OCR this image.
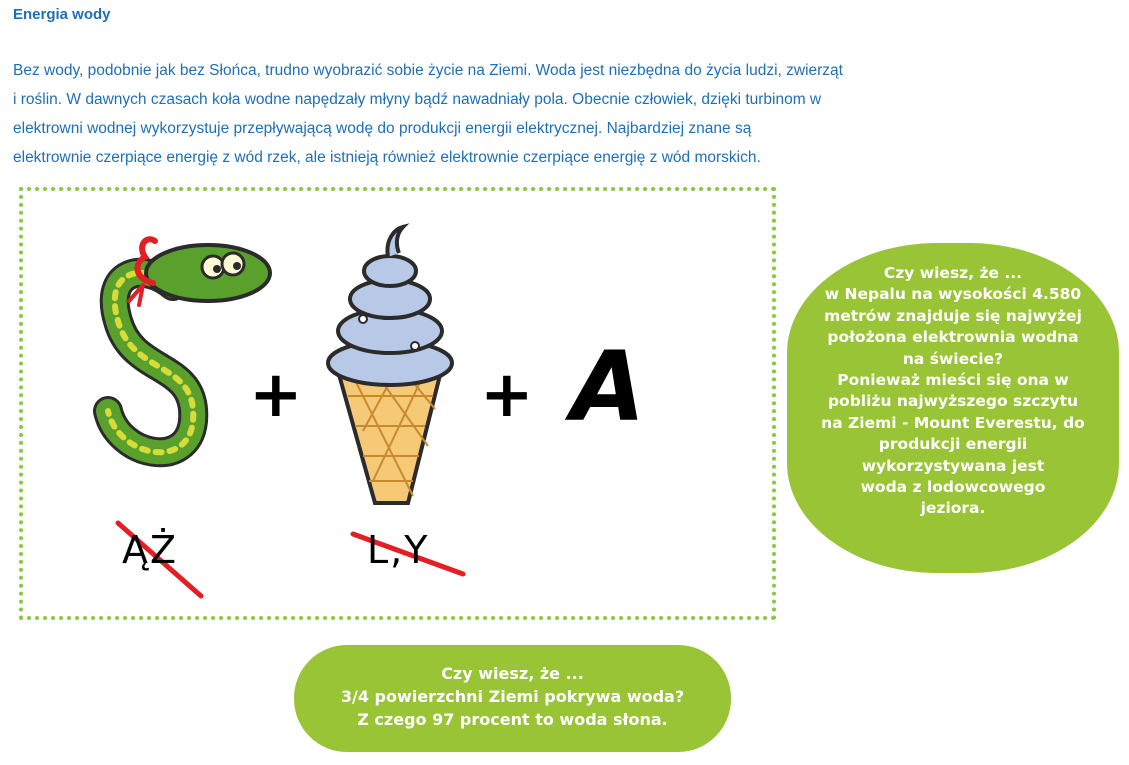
Energia wody

Bez wody, podobnie jak bez Słońca, trudno wyobrazić sobie życie na Ziemi. Woda jest niezbędna do życia ludzi, zwierząt
i roślin. W dawnych czasach koła wodne napędzały młyny bądź nawadniały pola. Obecnie człowiek, dzięki turbinom w
elektrowni wodnej wykorzystuje przepływającą wodę do produkcji energii elektrycznej. Najbardziej znane są
elektrownie czerpiące energię z wód rzek, ale istnieją również elektrownie czerpiące energię z wód morskich.

+	+ A
ĄŻ	L,Y
Czy wiesz, że ...
w Nepalu na wysokości 4.580
metrów znajduje się najwyżej
położona elektrownia wodna
na świecie?
Ponieważ mieści się ona w
pobliżu najwyższego szczytu
na Ziemi - Mount Everestu, do
produkcji energii
wykorzystywana jest
woda z lodowcowego
jeziora.
Czy wiesz, że ...
3/4 powierzchni Ziemi pokrywa woda?
Z czego 97 procent to woda słona.
